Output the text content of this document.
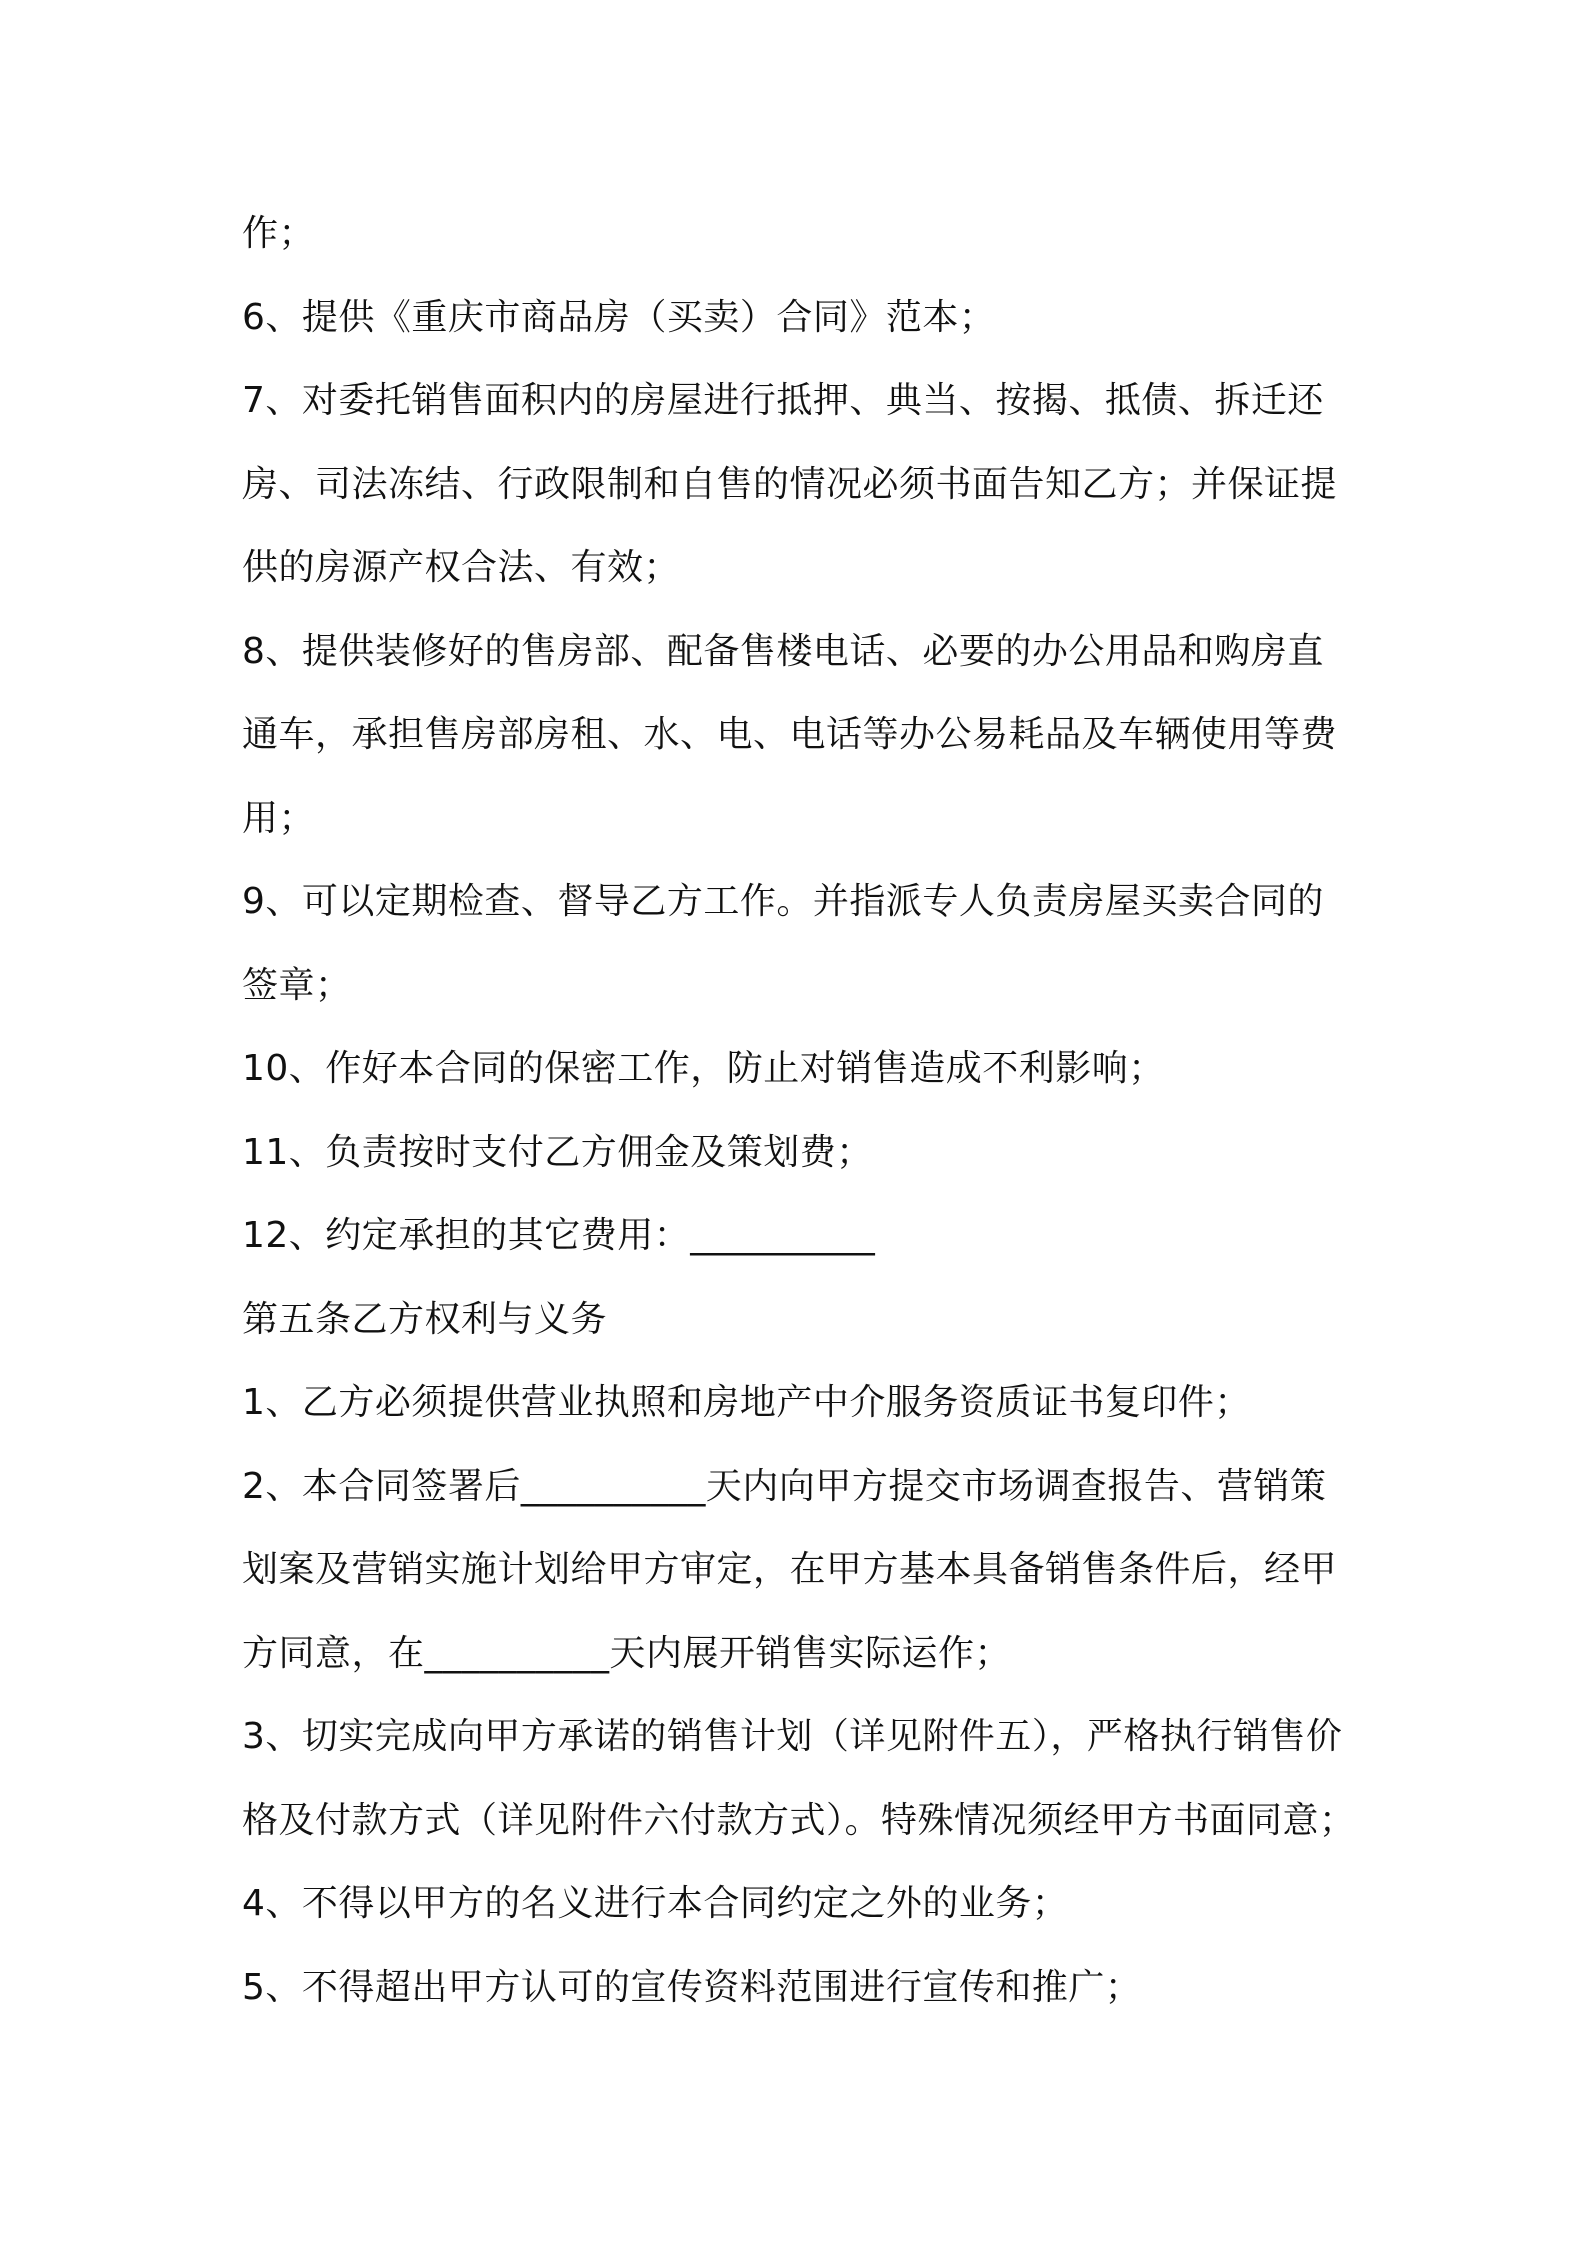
作；
6、提供《重庆市商品房（买卖）合同》范本；
7、对委托销售面积内的房屋进行抵押、典当、按揭、抵债、拆迁还
房、司法冻结、行政限制和自售的情况必须书面告知乙方；并保证提
供的房源产权合法、有效；
8、提供装修好的售房部、配备售楼电话、必要的办公用品和购房直
通车，承担售房部房租、水、电、电话等办公易耗品及车辆使用等费
用；
9、可以定期检查、督导乙方工作。并指派专人负责房屋买卖合同的
签章；
10、作好本合同的保密工作，防止对销售造成不利影响；
11、负责按时支付乙方佣金及策划费；
12、约定承担的其它费用：__________
第五条乙方权利与义务
1、乙方必须提供营业执照和房地产中介服务资质证书复印件；
2、本合同签署后__________天内向甲方提交市场调查报告、营销策
划案及营销实施计划给甲方审定，在甲方基本具备销售条件后，经甲
方同意，在__________天内展开销售实际运作；
3、切实完成向甲方承诺的销售计划（详见附件五），严格执行销售价
格及付款方式（详见附件六付款方式）。特殊情况须经甲方书面同意；
4、不得以甲方的名义进行本合同约定之外的业务；
5、不得超出甲方认可的宣传资料范围进行宣传和推广；
